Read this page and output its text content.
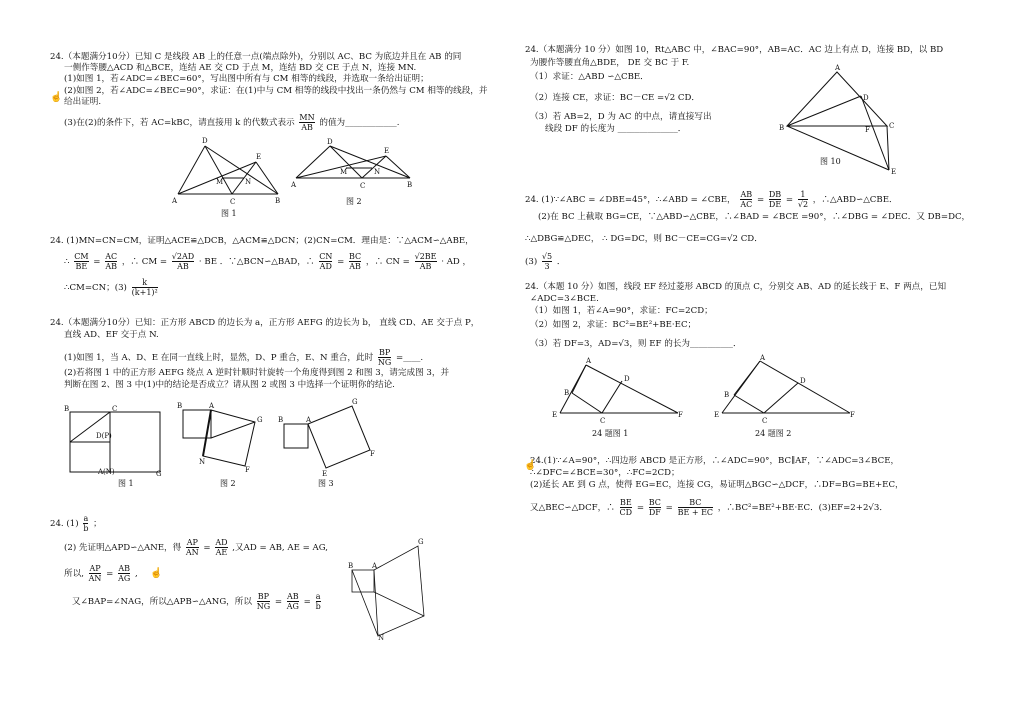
24.（本题满分10分）已知 C 是线段 AB 上的任意一点(端点除外)，分别以 AC、BC 为底边并且在 AB 的同
一侧作等腰△ACD 和△BCE，连结 AE 交 CD 于点 M，连结 BD 交 CE 于点 N，连接 MN.
(1)如图 1，若∠ADC=∠BEC=60°，写出图中所有与 CM 相等的线段，并选取一条给出证明；
(2)如图 2，若∠ADC=∠BEC=90°，求证：在(1)中与 CM 相等的线段中找出一条仍然与 CM 相等的线段，并
给出证明.
☝
(3)在(2)的条件下，若 AC=kBC，请直接用 k 的代数式表示 $\frac{MN}{AB}$ 的值为____________.
A	C	B
D
E
M	N
图 1
A	C	B
D
E
M	N
图 2
24. (1)MN=CN=CM，证明△ACE≌△DCB，△ACM≌△DCN；(2)CN=CM．理由是：∵△ACM∽△ABE，
∴ $\frac{CM}{BE} = \frac{AC}{AB}$ ，∴ CM = $\frac{√2AD}{AB}$ · BE ．∵△BCN∽△BAD，∴ $\frac{CN}{AD} = \frac{BC}{AB}$ ，∴ CN = $\frac{√2BE}{AB}$ · AD ，
∴CM=CN；$(3) \frac{k}{\text{(k+1)²}}$
24.（本题满分10分）已知：正方形 ABCD 的边长为 a，正方形 AEFG 的边长为 b， 直线 CD、AE 交于点 P，
直线 AD、EF 交于点 N.
(1)如图 1，当 A、D、E 在同一直线上时，显然，D、P 重合，E、N 重合，此时 $\frac{BP}{NG}$ =____.
(2)若将图 1 中的正方形 AEFG 绕点 A 逆时针顺时针旋转一个角度得到图 2 和图 3，请完成图 3，并
判断在图 2、图 3 中(1)中的结论是否成立？请从图 2 或图 3 中选择一个证明你的结论.
B	C
D(P)
A(N)	G
图 1
B	A
G
F
N
图 2
B	A
G
F
E
图 3
24. $(1) \frac{a}{b}$ ；
(2) 先证明△APD∽△ANE，得 $\frac{AP}{AN} = \frac{AD}{AE}$ ,又AD = AB, AE = AG,
所以, $\frac{AP}{AN} = \frac{AB}{AG}$ , ☝
又∠BAP=∠NAG，所以△APB∽△ANG，所以 $\frac{BP}{NG} = \frac{AB}{AG} = \frac{a}{b}$
B	A
G
N
24.（本题满分 10 分）如图 10，Rt△ABC 中，∠BAC=90°，AB=AC．AC 边上有点 D，连接 BD，以 BD
为腰作等腰直角△BDE， DE 交 BC 于 F.
（1）求证：△ABD ∽△CBE．
（2）连接 CE，求证：BC－CE =√2 CD．
（3）若 AB=2，D 为 AC 的中点，请直接写出
线段 DF 的长度为 ______________．
A
B	C
D
E
F
图 10
24. (1)∵∠ABC = ∠DBE=45°，∴∠ABD = ∠CBE， $\frac{AB}{AC} = \frac{DB}{DE} = \frac{1}{√2}$ ，∴△ABD∽△CBE．
(2)在 BC 上截取 BG=CE，∵△ABD∽△CBE，∴∠BAD = ∠BCE =90°，∴∠DBG = ∠DEC．又 DB=DC，
∴△DBG≌△DEC， ∴ DG=DC，则 BC－CE=CG=√2 CD．
$(3) \frac{√5}{3}$ ．
24.（本题 10 分）如图，线段 EF 经过菱形 ABCD 的顶点 C，分别交 AB、AD 的延长线于 E、F 两点，已知
∠ADC=3∠BCE.
（1）如图 1，若∠A=90°，求证：FC=2CD；
（2）如图 2，求证：BC²=BE²+BE·EC；
（3）若 DF=3，AD=√3，则 EF 的长为__________．
A
B
D
C
E	F
24 题图 1
A
B
D
C
E	F
24 题图 2
24.(1)∵∠A=90°，∴四边形 ABCD 是正方形，∴∠ADC=90°，BC∥AF，∵∠ADC=3∠BCE，
☝
∴∠DFC=∠BCE=30°，∴FC=2CD；
(2)延长 AE 到 G 点，使得 EG=EC，连接 CG，易证明△BGC∽△DCF，∴DF=BG=BE+EC，
又△BEC∽△DCF，∴ $\frac{BE}{CD} = \frac{BC}{DF} = \frac{BC}{BE + EC}$ ，∴BC²=BE²+BE·EC．(3)EF=2+2√3．
